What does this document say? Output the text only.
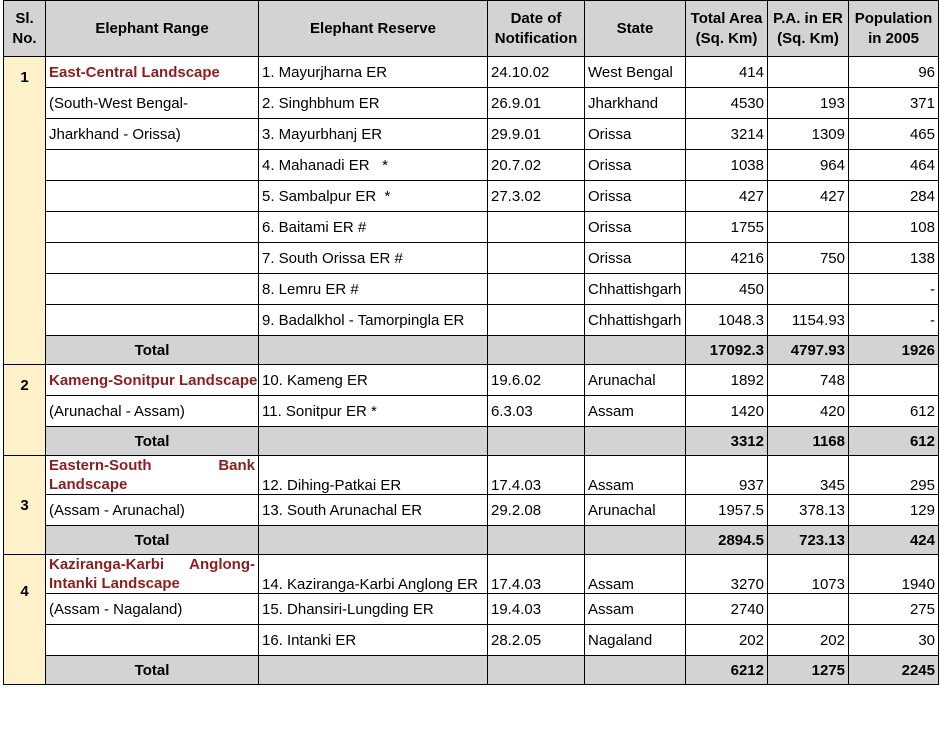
Sl. No.	Elephant Range	Elephant Reserve	Date of Notification	State	Total Area (Sq. Km)	P.A. in ER (Sq. Km)	Population in 2005
1	East-Central Landscape	1. Mayurjharna ER	24.10.02	West Bengal	414		96
	(South-West Bengal-	2. Singhbhum ER	26.9.01	Jharkhand	4530	193	371
	Jharkhand - Orissa)	3. Mayurbhanj ER	29.9.01	Orissa	3214	1309	465
		4. Mahanadi ER   *	20.7.02	Orissa	1038	964	464
		5. Sambalpur ER  *	27.3.02	Orissa	427	427	284
		6. Baitami ER #		Orissa	1755		108
		7. South Orissa ER #		Orissa	4216	750	138
		8. Lemru ER #		Chhattishgarh	450		-
		9. Badalkhol - Tamorpingla ER		Chhattishgarh	1048.3	1154.93	-
	Total				17092.3	4797.93	1926
2	Kameng-Sonitpur Landscape	10. Kameng ER	19.6.02	Arunachal	1892	748	
	(Arunachal - Assam)	11. Sonitpur ER *	6.3.03	Assam	1420	420	612
	Total				3312	1168	612
3	Eastern-South Bank Landscape	12. Dihing-Patkai ER	17.4.03	Assam	937	345	295
	(Assam - Arunachal)	13. South Arunachal ER	29.2.08	Arunachal	1957.5	378.13	129
	Total				2894.5	723.13	424
4	Kaziranga-Karbi Anglong-Intanki Landscape	14. Kaziranga-Karbi Anglong ER	17.4.03	Assam	3270	1073	1940
	(Assam - Nagaland)	15. Dhansiri-Lungding ER	19.4.03	Assam	2740		275
		16. Intanki ER	28.2.05	Nagaland	202	202	30
	Total				6212	1275	2245
